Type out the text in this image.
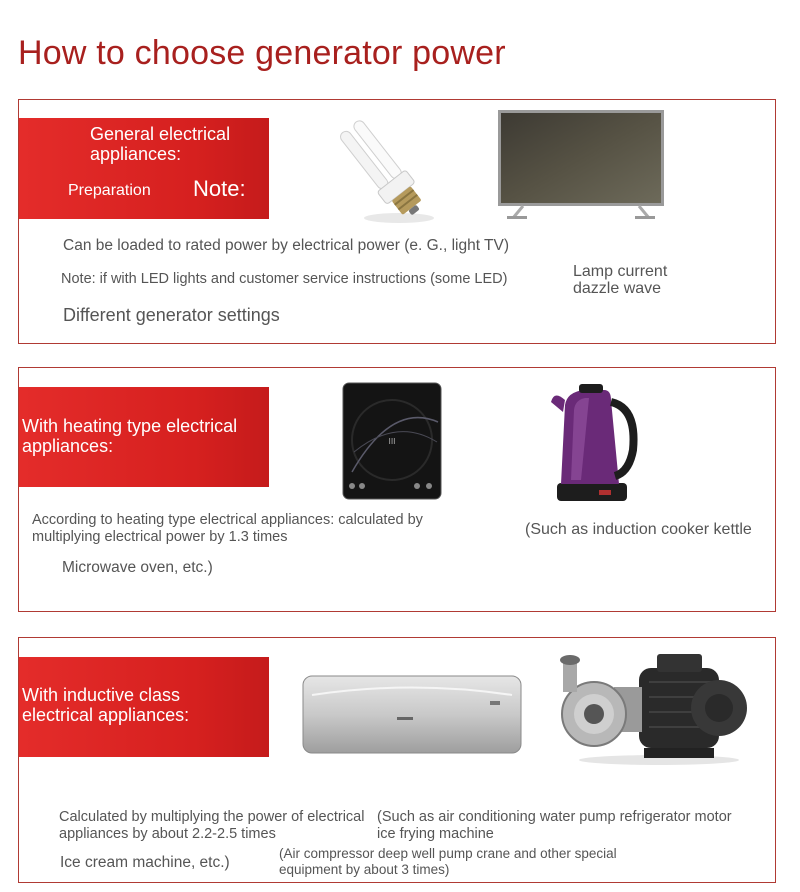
How to choose generator power
General electrical appliances:
Preparation Note:
Can be loaded to rated power by electrical power (e. G., light TV)
Note: if with LED lights and customer service instructions (some LED)	Lamp current dazzle wave
Different generator settings
With heating type electrical appliances:	III
According to heating type electrical appliances: calculated by multiplying electrical power by 1.3 times
Microwave oven, etc.)
(Such as induction cooker kettle
With inductive class electrical appliances:
Calculated by multiplying the power of electrical appliances by about 2.2-2.5 times
(Such as air conditioning water pump refrigerator motor ice frying machine
Ice cream machine, etc.)
(Air compressor deep well pump crane and other special equipment by about 3 times)
